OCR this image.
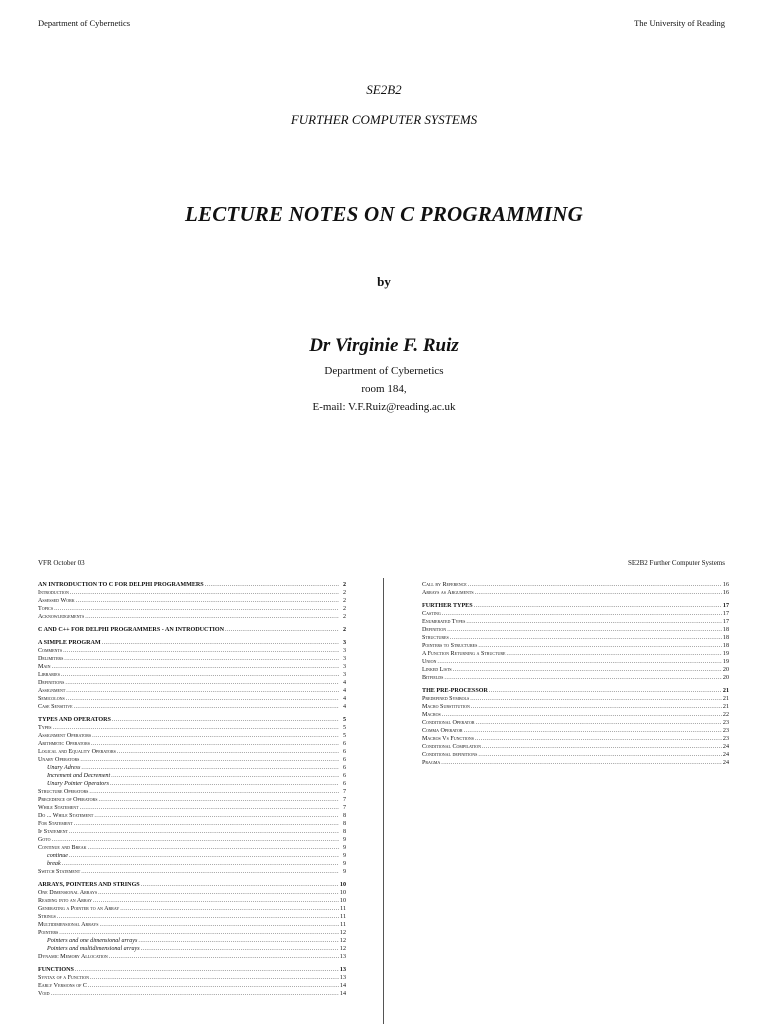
Department of Cybernetics	The University of Reading
SE2B2
FURTHER COMPUTER SYSTEMS
LECTURE NOTES ON C PROGRAMMING
by
Dr Virginie F. Ruiz
Department of Cybernetics
room 184,
E-mail: V.F.Ruiz@reading.ac.uk
VFR October 03	SE2B2 Further Computer Systems
AN INTRODUCTION TO C FOR DELPHI PROGRAMMERS .....	2
Introduction .....	2
Assessed Work .....	2
Topics .....	2
Acknowledgements .....	2
C AND C++ FOR DELPHI PROGRAMMERS - AN INTRODUCTION .....	2
A SIMPLE PROGRAM .....	3
Comments .....	3
Delimiters .....	3
Main .....	3
Libraries .....	3
Definitions .....	4
Assignment .....	4
Semicolons .....	4
Case Sensitive .....	4
TYPES AND OPERATORS .....	5
Types .....	5
Assignment Operators .....	5
Arithmetic Operators .....	6
Logical and Equality Operators .....	6
Unary Operators .....	6
Unary Adress .....	6
Increment and Decrement .....	6
Unary Pointer Operators .....	6
Structure Operators .....	7
Precedence of Operators .....	7
While Statement .....	7
Do ... While Statement .....	8
For Statement .....	8
If Statement .....	8
Goto .....	9
Continue and Break .....	9
continue .....	9
break .....	9
Switch Statement .....	9
ARRAYS, POINTERS AND STRINGS .....	10
One Dimensional Arrays .....	10
Reading into an Array .....	10
Generating a Pointer to an Array .....	11
Strings .....	11
Multidimensional Arrays .....	11
Pointers .....	12
Pointers and one dimensional arrays .....	12
Pointers and multidimensional arrays .....	12
Dynamic Memory Allocation .....	13
FUNCTIONS .....	13
Syntax of a Function .....	13
Early Versions of C .....	14
Void .....	14
Call by Reference .....	16
Arrays as Arguments .....	16
FURTHER TYPES .....	17
Casting .....	17
Enumerated Types .....	17
Definition .....	18
Structures .....	18
Pointers to Structures .....	18
A Function Returning a Structure .....	19
Union .....	19
Linked Lists .....	20
Bitfields .....	20
THE PRE-PROCESSOR .....	21
Predefined Symbols .....	21
Macro Substitution .....	21
Macros .....	22
Conditional Operator .....	23
Comma Operator .....	23
Macros Vs Functions .....	23
Conditional Compilation .....	24
Conditional definitions .....	24
Pragma .....	24
